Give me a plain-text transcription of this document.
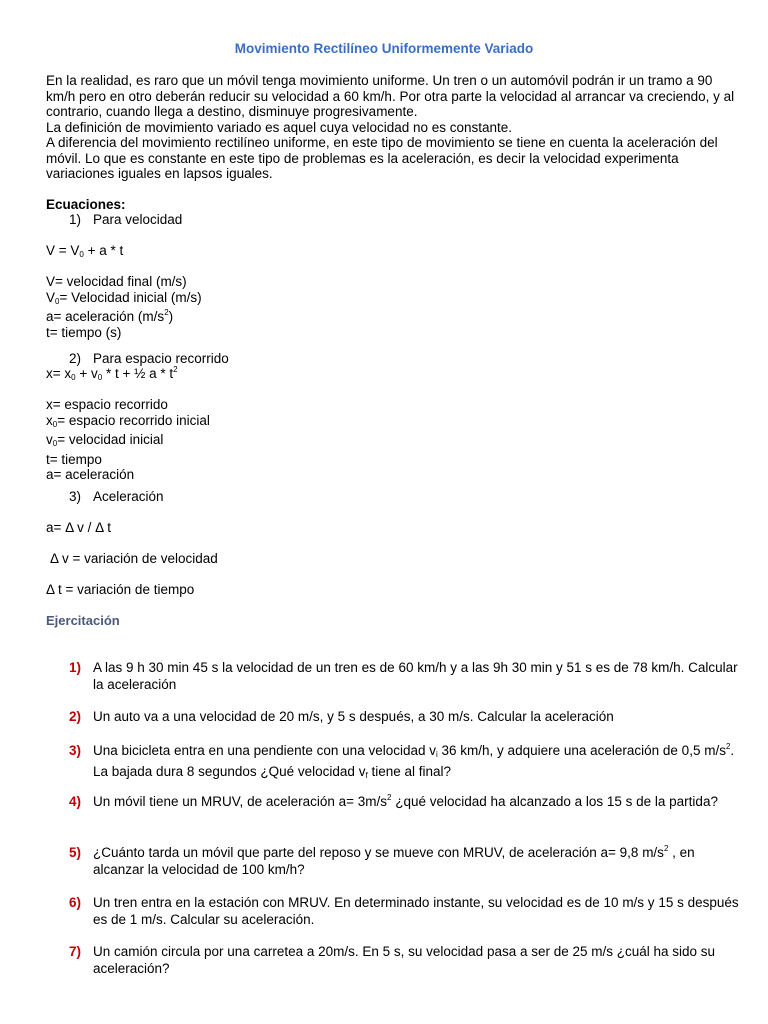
Movimiento Rectilíneo Uniformemente Variado

En la realidad, es raro que un móvil tenga movimiento uniforme. Un tren o un automóvil podrán ir un tramo a 90 km/h pero en otro deberán reducir su velocidad a 60 km/h. Por otra parte la velocidad al arrancar va creciendo, y al contrario, cuando llega a destino, disminuye progresivamente.

La definición de movimiento variado es aquel cuya velocidad no es constante.

A diferencia del movimiento rectilíneo uniforme, en este tipo de movimiento se tiene en cuenta la aceleración del móvil. Lo que es constante en este tipo de problemas es la aceleración, es decir la velocidad experimenta variaciones iguales en lapsos iguales.

Ecuaciones:
1) Para velocidad
$V = V_0 + a * t$
V= velocidad final (m/s)
$V_0=$ Velocidad inicial (m/s)
a= aceleración $(m/s^2)$
t= tiempo (s)
2) Para espacio recorrido
$x= x_0 + v_0 * t$ + ½ a * $t^2$
x= espacio recorrido
$x_0=$ espacio recorrido inicial
$v_0=$ velocidad inicial
t= tiempo
a= aceleración
3) Aceleración
a= Δ v / Δ t
Δ v = variación de velocidad
Δ t = variación de tiempo
Ejercitación
1) A las 9 h 30 min 45 s la velocidad de un tren es de 60 km/h y a las 9h 30 min y 51 s es de 78 km/h. Calcular la aceleración
2) Un auto va a una velocidad de 20 m/s, y 5 s después, a 30 m/s. Calcular la aceleración
3) Una bicicleta entra en una pendiente con una velocidad $v_i$ 36 km/h, y adquiere una aceleración de 0,5 $m/s^2$. La bajada dura 8 segundos ¿Qué velocidad $v_f$ tiene al final?
4) Un móvil tiene un MRUV, de aceleración $a= 3m/s^2$ ¿qué velocidad ha alcanzado a los 15 s de la partida?
5) ¿Cuánto tarda un móvil que parte del reposo y se mueve con MRUV, de aceleración a= 9,8 $m/s^2$ , en alcanzar la velocidad de 100 km/h?
6) Un tren entra en la estación con MRUV. En determinado instante, su velocidad es de 10 m/s y 15 s después es de 1 m/s. Calcular su aceleración.
7) Un camión circula por una carretea a 20m/s. En 5 s, su velocidad pasa a ser de 25 m/s ¿cuál ha sido su aceleración?
